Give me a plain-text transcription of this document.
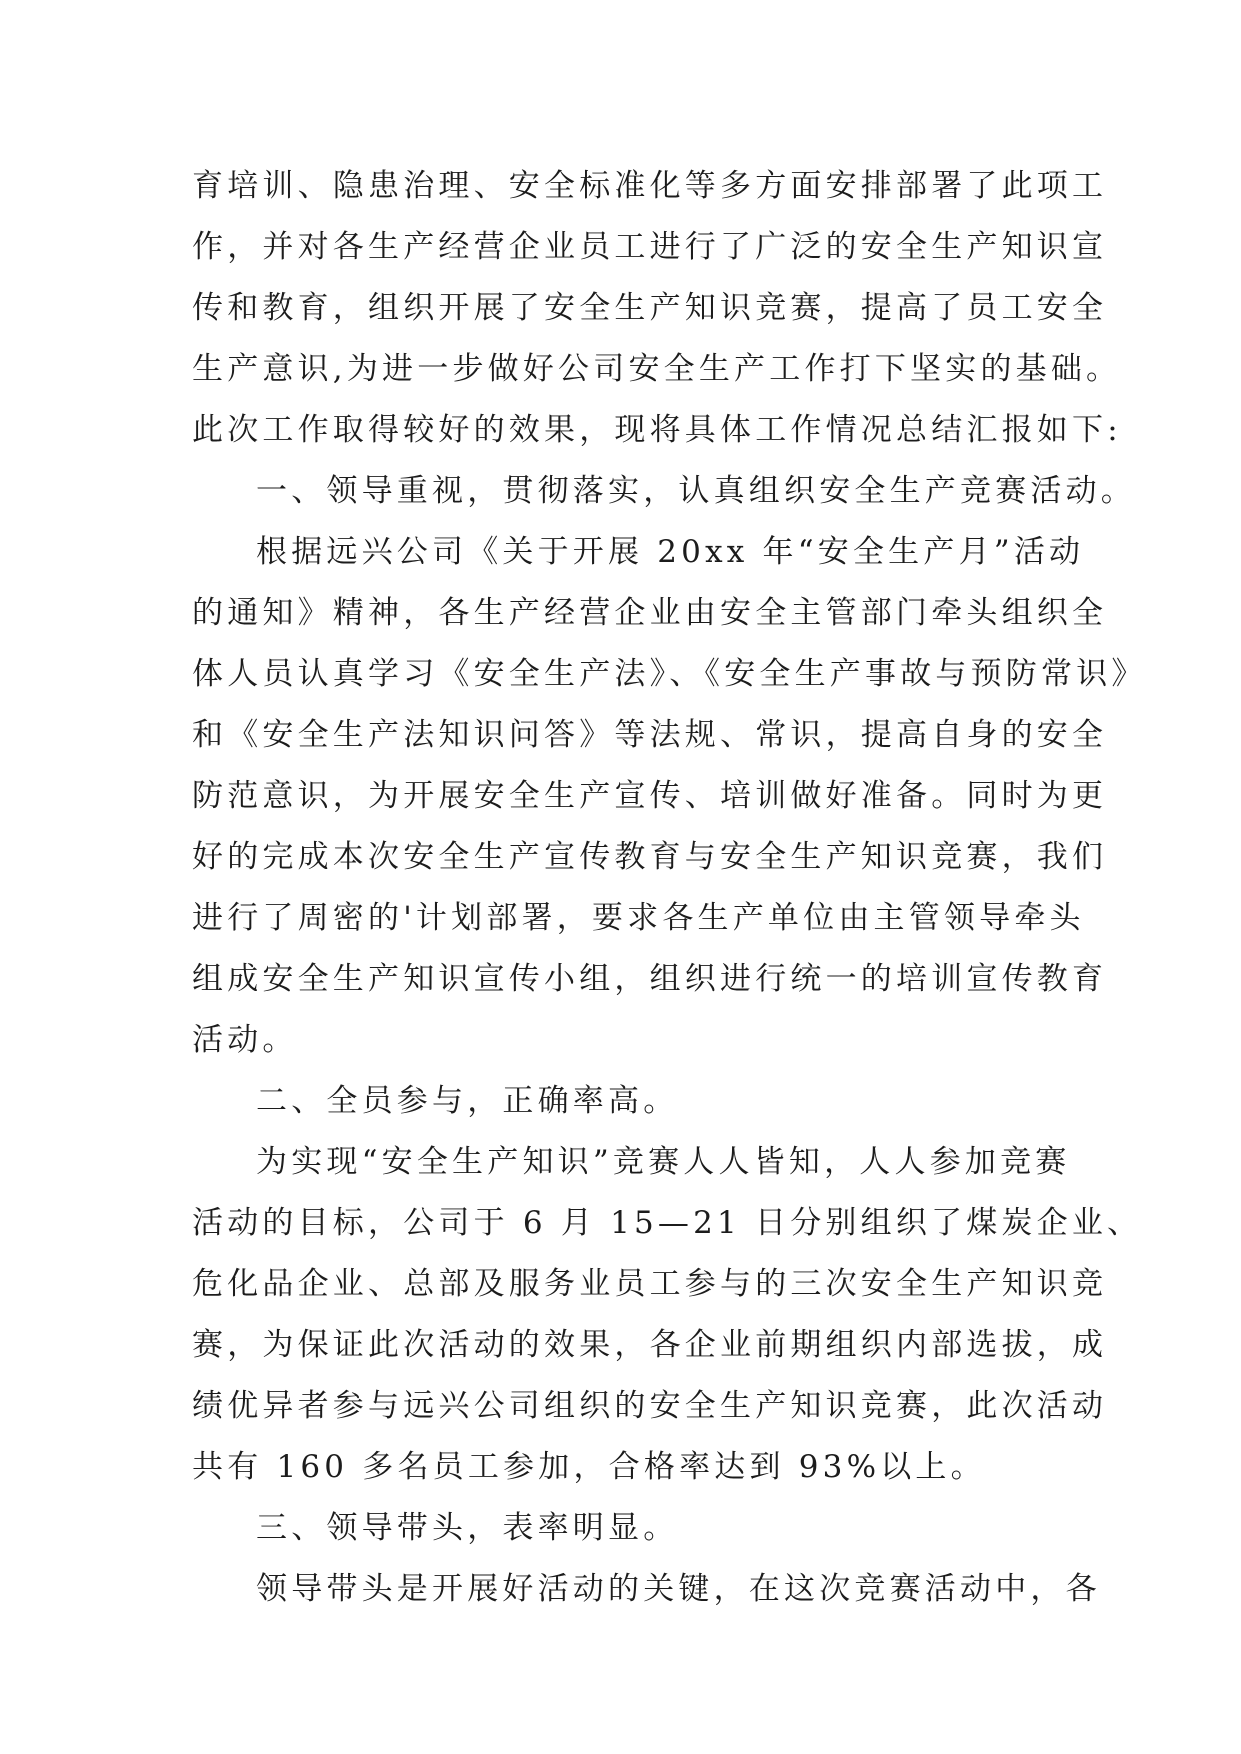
育培训、隐患治理、安全标准化等多方面安排部署了此项工
作，并对各生产经营企业员工进行了广泛的安全生产知识宣
传和教育，组织开展了安全生产知识竞赛，提高了员工安全
生产意识,为进一步做好公司安全生产工作打下坚实的基础。
此次工作取得较好的效果，现将具体工作情况总结汇报如下:
一、领导重视，贯彻落实，认真组织安全生产竞赛活动。
根据远兴公司《关于开展 20xx 年“安全生产月”活动
的通知》精神，各生产经营企业由安全主管部门牵头组织全
体人员认真学习《安全生产法》、《安全生产事故与预防常识》
和《安全生产法知识问答》等法规、常识，提高自身的安全
防范意识，为开展安全生产宣传、培训做好准备。同时为更
好的完成本次安全生产宣传教育与安全生产知识竞赛，我们
进行了周密的'计划部署，要求各生产单位由主管领导牵头
组成安全生产知识宣传小组，组织进行统一的培训宣传教育
活动。
二、全员参与，正确率高。
为实现“安全生产知识”竞赛人人皆知，人人参加竞赛
活动的目标，公司于 6 月 15—21 日分别组织了煤炭企业、
危化品企业、总部及服务业员工参与的三次安全生产知识竞
赛，为保证此次活动的效果，各企业前期组织内部选拔，成
绩优异者参与远兴公司组织的安全生产知识竞赛，此次活动
共有 160 多名员工参加，合格率达到 93%以上。
三、领导带头，表率明显。
领导带头是开展好活动的关键，在这次竞赛活动中，各
